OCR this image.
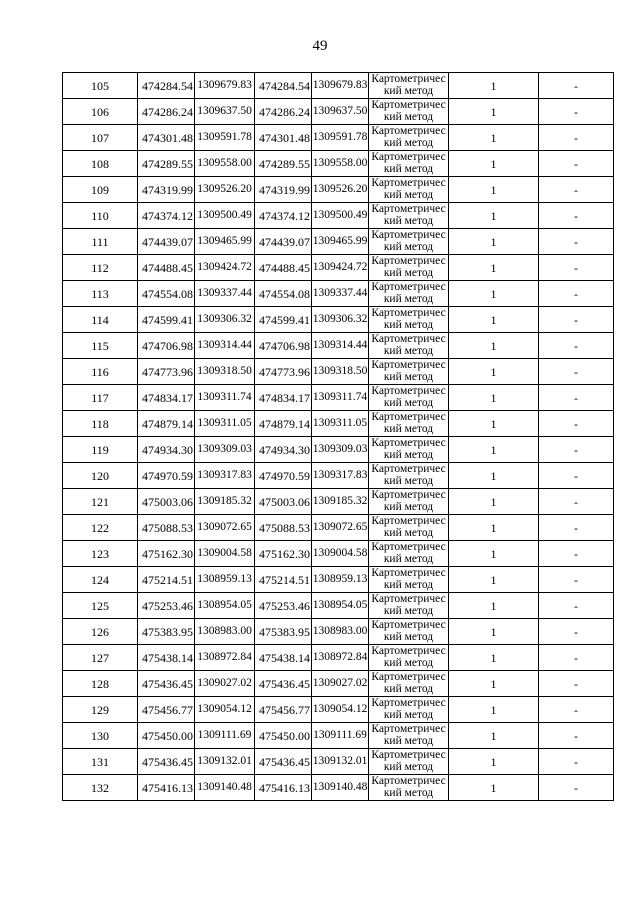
49
105	474284.54	1309679.83	474284.54	1309679.83	Картометрический метод	1	-
106	474286.24	1309637.50	474286.24	1309637.50	Картометрический метод	1	-
107	474301.48	1309591.78	474301.48	1309591.78	Картометрический метод	1	-
108	474289.55	1309558.00	474289.55	1309558.00	Картометрический метод	1	-
109	474319.99	1309526.20	474319.99	1309526.20	Картометрический метод	1	-
110	474374.12	1309500.49	474374.12	1309500.49	Картометрический метод	1	-
111	474439.07	1309465.99	474439.07	1309465.99	Картометрический метод	1	-
112	474488.45	1309424.72	474488.45	1309424.72	Картометрический метод	1	-
113	474554.08	1309337.44	474554.08	1309337.44	Картометрический метод	1	-
114	474599.41	1309306.32	474599.41	1309306.32	Картометрический метод	1	-
115	474706.98	1309314.44	474706.98	1309314.44	Картометрический метод	1	-
116	474773.96	1309318.50	474773.96	1309318.50	Картометрический метод	1	-
117	474834.17	1309311.74	474834.17	1309311.74	Картометрический метод	1	-
118	474879.14	1309311.05	474879.14	1309311.05	Картометрический метод	1	-
119	474934.30	1309309.03	474934.30	1309309.03	Картометрический метод	1	-
120	474970.59	1309317.83	474970.59	1309317.83	Картометрический метод	1	-
121	475003.06	1309185.32	475003.06	1309185.32	Картометрический метод	1	-
122	475088.53	1309072.65	475088.53	1309072.65	Картометрический метод	1	-
123	475162.30	1309004.58	475162.30	1309004.58	Картометрический метод	1	-
124	475214.51	1308959.13	475214.51	1308959.13	Картометрический метод	1	-
125	475253.46	1308954.05	475253.46	1308954.05	Картометрический метод	1	-
126	475383.95	1308983.00	475383.95	1308983.00	Картометрический метод	1	-
127	475438.14	1308972.84	475438.14	1308972.84	Картометрический метод	1	-
128	475436.45	1309027.02	475436.45	1309027.02	Картометрический метод	1	-
129	475456.77	1309054.12	475456.77	1309054.12	Картометрический метод	1	-
130	475450.00	1309111.69	475450.00	1309111.69	Картометрический метод	1	-
131	475436.45	1309132.01	475436.45	1309132.01	Картометрический метод	1	-
132	475416.13	1309140.48	475416.13	1309140.48	Картометрический метод	1	-
